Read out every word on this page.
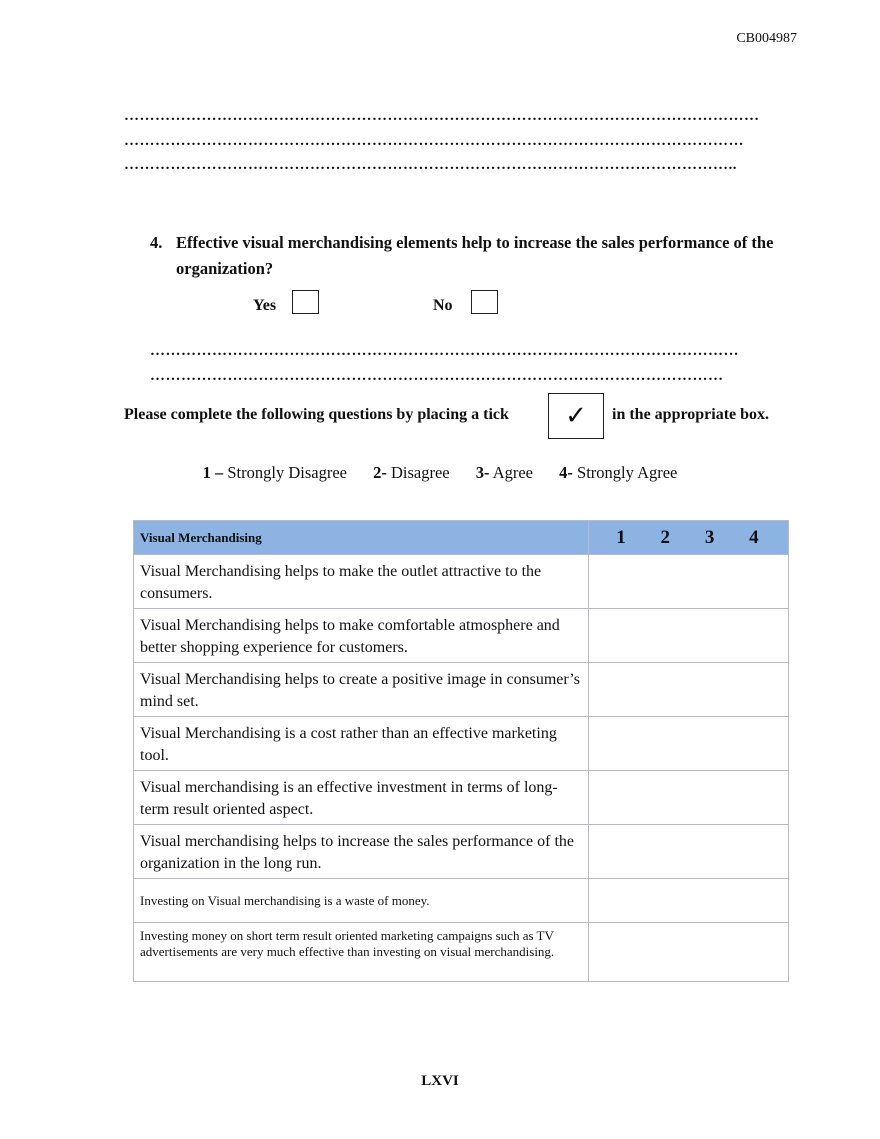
CB004987
……………………………………………………………………………………………………………
…………………………………………………………………………………………………………
………………………………………………………………………………………………………..
4. Effective visual merchandising elements help to increase the sales performance of the organization?
Yes	No
……………………………………………………………………………………………………
…………………………………………………………………………………………………
Please complete the following questions by placing a tick ✓ in the appropriate box.
1 – Strongly Disagree 2- Disagree 3- Agree 4- Strongly Agree
Visual Merchandising	1 2 3 4

Visual Merchandising helps to make the outlet attractive to the consumers.	
Visual Merchandising helps to make comfortable atmosphere and better shopping experience for customers.	
Visual Merchandising helps to create a positive image in consumer’s mind set.	
Visual Merchandising is a cost rather than an effective marketing tool.	
Visual merchandising is an effective investment in terms of long-term result oriented aspect.	
Visual merchandising helps to increase the sales performance of the organization in the long run.	
Investing on Visual merchandising is a waste of money.	
Investing money on short term result oriented marketing campaigns such as TV advertisements are very much effective than investing on visual merchandising.	
LXVI
